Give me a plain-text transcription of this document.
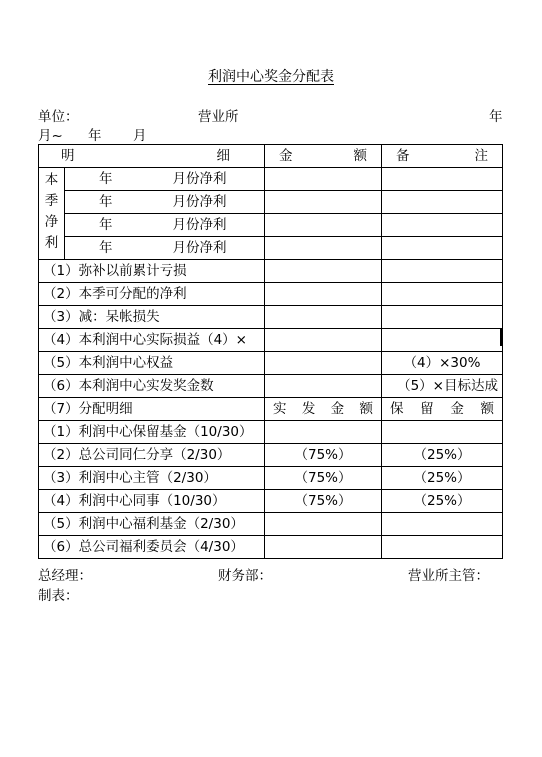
利润中心奖金分配表
单位：	营业所	年
月~ 年 月
明 细		金 额	备 注

本
季
净
利	年 月份净利		
	年 月份净利		
	年 月份净利		
	年 月份净利		
（1）弥补以前累计亏损			
（2）本季可分配的净利			
（3）减：呆帐损失			
（4）本利润中心实际损益（4）×			
（5）本利润中心权益			（4）×30%
（6）本利润中心实发奖金数			（5）×目标达成
（7）分配明细		实 发 金 额	保 留 金 额

（1）利润中心保留基金（10/30）			
（2）总公司同仁分享（2/30）		（75%）	（25%）
（3）利润中心主管（2/30）		（75%）	（25%）
（4）利润中心同事（10/30）		（75%）	（25%）
（5）利润中心福利基金（2/30）			
（6）总公司福利委员会（4/30）			
总经理：	财务部：	营业所主管：
制表：
